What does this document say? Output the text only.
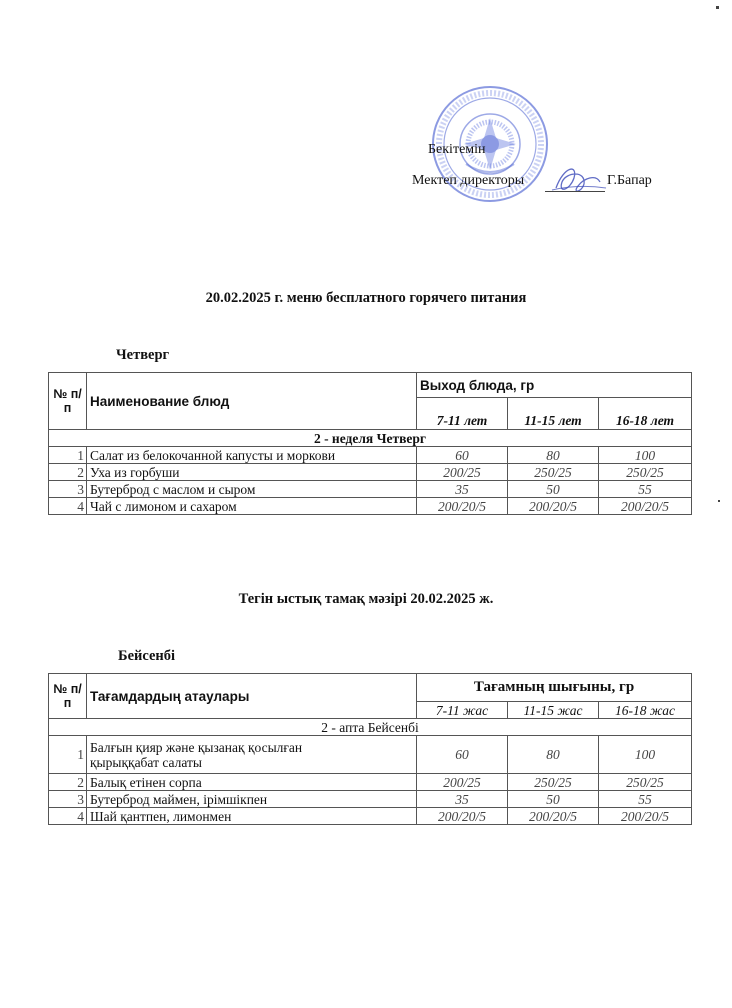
Бекітемін
Мектеп директоры	Г.Бапар
20.02.2025 г. меню бесплатного горячего питания
Четверг
№ п/п	Наименование блюд	Выход блюда, гр		

		7-11 лет	11-15 лет	16-18 лет
2 - неделя Четверг				
1	Салат из белокочанной капусты и моркови	60	80	100
2	Уха из горбуши	200/25	250/25	250/25
3	Бутерброд с маслом и сыром	35	50	55
4	Чай с лимоном и сахаром	200/20/5	200/20/5	200/20/5
Тегін ыстық тамақ мәзірі 20.02.2025 ж.
Бейсенбі
№ п/п	Тағамдардың атаулары	Тағамның шығыны, гр		
		7-11 жас	11-15 жас	16-18 жас
2 - апта Бейсенбі				
1	Балғын қияр және қызанақ қосылған қырыққабат салаты	60	80	100
2	Балық етінен сорпа	200/25	250/25	250/25
3	Бутерброд маймен, ірімшікпен	35	50	55
4	Шай қантпен, лимонмен	200/20/5	200/20/5	200/20/5
